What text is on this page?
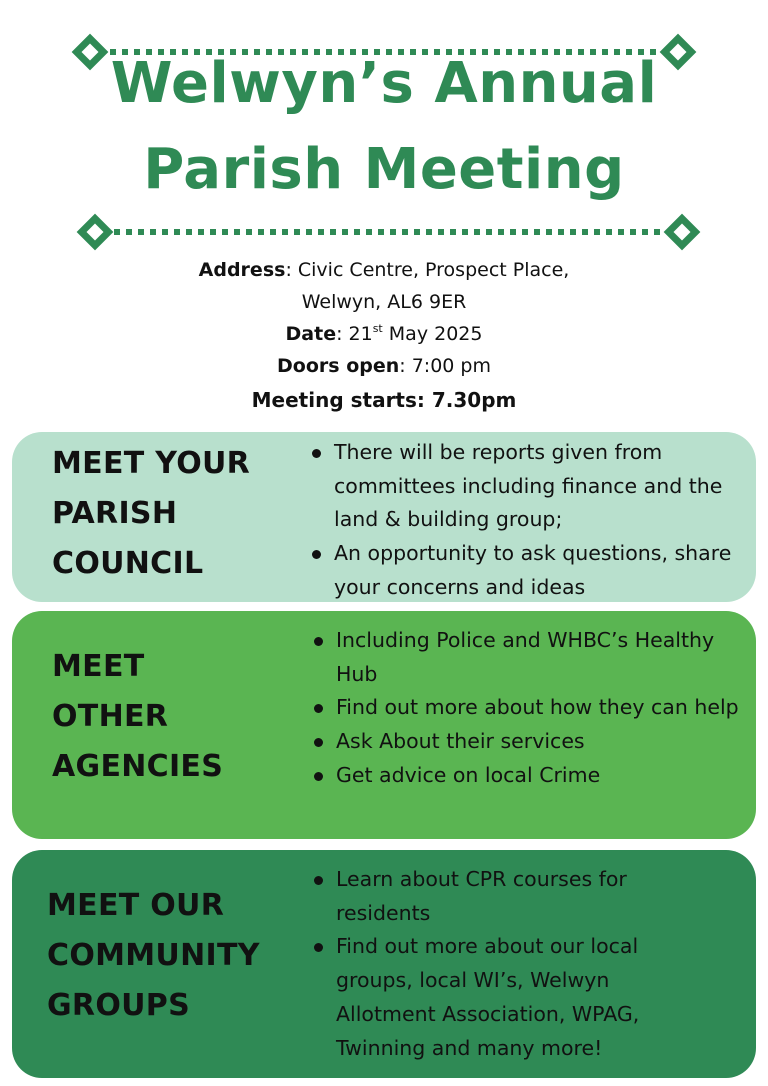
Welwyn’s Annual
Parish Meeting
Address: Civic Centre, Prospect Place,
Welwyn, AL6 9ER
Date: 21st May 2025
Doors open: 7:00 pm
Meeting starts: 7.30pm
MEET YOUR
PARISH
COUNCIL
There will be reports given from committees including finance and the land & building group;
An opportunity to ask questions, share your concerns and ideas
MEET
OTHER
AGENCIES
Including Police and WHBC’s Healthy Hub
Find out more about how they can help
Ask About their services
Get advice on local Crime
MEET OUR
COMMUNITY
GROUPS
Learn about CPR courses for residents
Find out more about our local groups, local WI’s, Welwyn Allotment Association, WPAG, Twinning and many more!
